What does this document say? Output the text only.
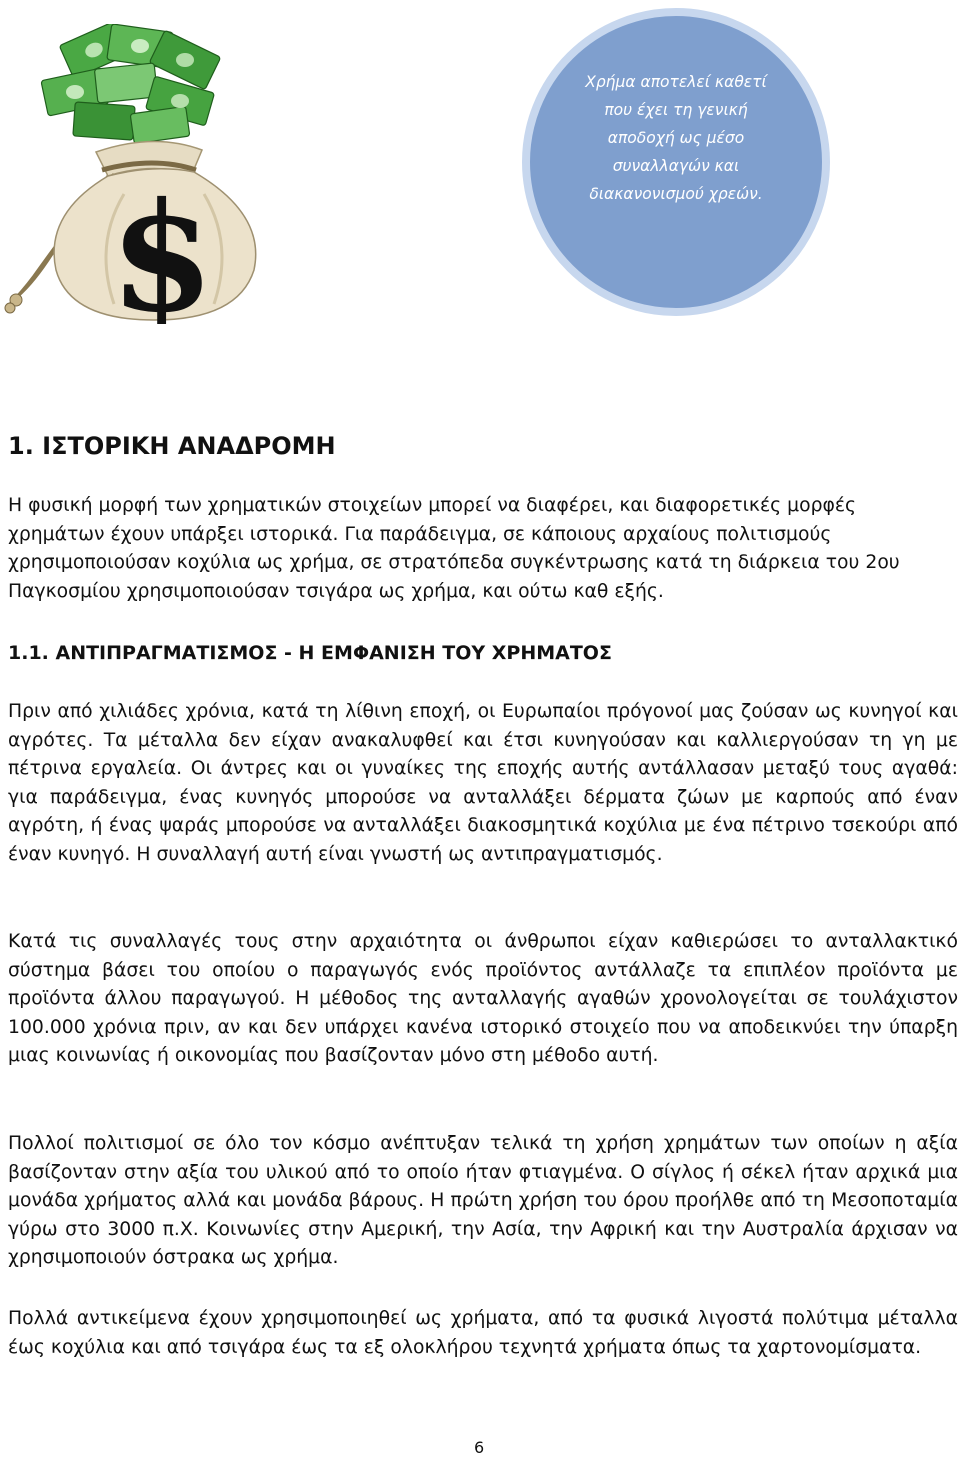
$
Χρήμα αποτελεί καθετί που έχει τη γενική αποδοχή ως μέσο συναλλαγών και διακανονισμού χρεών.
1. ΙΣΤΟΡΙΚΗ ΑΝΑΔΡΟΜΗ

Η φυσική μορφή των χρηματικών στοιχείων μπορεί να διαφέρει, και διαφορετικές μορφές χρημάτων έχουν υπάρξει ιστορικά. Για παράδειγμα, σε κάποιους αρχαίους πολιτισμούς χρησιμοποιούσαν κοχύλια ως χρήμα, σε στρατόπεδα συγκέντρωσης κατά τη διάρκεια του 2ου Παγκοσμίου χρησιμοποιούσαν τσιγάρα ως χρήμα, και ούτω καθ εξής.

1.1. ΑΝΤΙΠΡΑΓΜΑΤΙΣΜΟΣ - Η ΕΜΦΑΝΙΣΗ ΤΟΥ ΧΡΗΜΑΤΟΣ

Πριν από χιλιάδες χρόνια, κατά τη λίθινη εποχή, οι Ευρωπαίοι πρόγονοί μας ζούσαν ως κυνηγοί και αγρότες. Τα μέταλλα δεν είχαν ανακαλυφθεί και έτσι κυνηγούσαν και καλλιεργούσαν τη γη με πέτρινα εργαλεία. Οι άντρες και οι γυναίκες της εποχής αυτής αντάλλασαν μεταξύ τους αγαθά: για παράδειγμα, ένας κυνηγός μπορούσε να ανταλλάξει δέρματα ζώων με καρπούς από έναν αγρότη, ή ένας ψαράς μπορούσε να ανταλλάξει διακοσμητικά κοχύλια με ένα πέτρινο τσεκούρι από έναν κυνηγό. Η συναλλαγή αυτή είναι γνωστή ως αντιπραγματισμός.

Κατά τις συναλλαγές τους στην αρχαιότητα οι άνθρωποι είχαν καθιερώσει το ανταλλακτικό σύστημα βάσει του οποίου ο παραγωγός ενός προϊόντος αντάλλαζε τα επιπλέον προϊόντα με προϊόντα άλλου παραγωγού. Η μέθοδος της ανταλλαγής αγαθών χρονολογείται σε τουλάχιστον 100.000 χρόνια πριν, αν και δεν υπάρχει κανένα ιστορικό στοιχείο που να αποδεικνύει την ύπαρξη μιας κοινωνίας ή οικονομίας που βασίζονταν μόνο στη μέθοδο αυτή.

Πολλοί πολιτισμοί σε όλο τον κόσμο ανέπτυξαν τελικά τη χρήση χρημάτων των οποίων η αξία βασίζονταν στην αξία του υλικού από το οποίο ήταν φτιαγμένα. Ο σίγλος ή σέκελ ήταν αρχικά μια μονάδα χρήματος αλλά και μονάδα βάρους. Η πρώτη χρήση του όρου προήλθε από τη Μεσοποταμία γύρω στο 3000 π.Χ. Κοινωνίες στην Αμερική, την Ασία, την Αφρική και την Αυστραλία άρχισαν να χρησιμοποιούν όστρακα ως χρήμα.

Πολλά αντικείμενα έχουν χρησιμοποιηθεί ως χρήματα, από τα φυσικά λιγοστά πολύτιμα μέταλλα έως κοχύλια και από τσιγάρα έως τα εξ ολοκλήρου τεχνητά χρήματα όπως τα χαρτονομίσματα.

6
